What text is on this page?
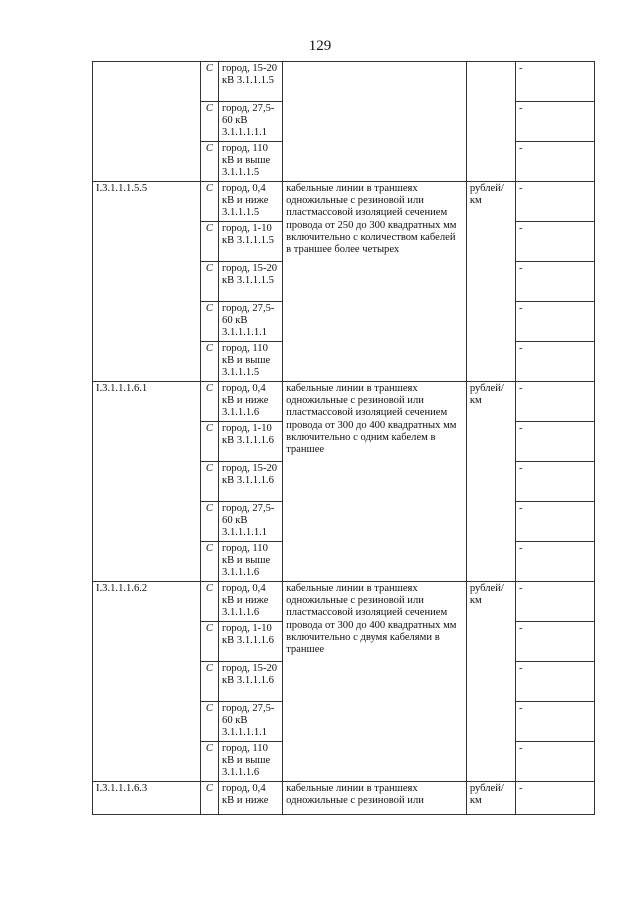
129
	С	город, 15-20 кВ 3.1.1.1.5			-
	С	город, 27,5-60 кВ 3.1.1.1.1.1			-
	С	город, 110 кВ и выше 3.1.1.1.5			-
I.3.1.1.1.5.5	С	город, 0,4 кВ и ниже 3.1.1.1.5	кабельные линии в траншеях одножильные с резиновой или пластмассовой изоляцией сечением провода от 250 до 300 квадратных мм включительно с количеством кабелей в траншее более четырех	рублей/км	-
	С	город, 1-10 кВ 3.1.1.1.5			-
	С	город, 15-20 кВ 3.1.1.1.5			-
	С	город, 27,5-60 кВ 3.1.1.1.1.1			-
	С	город, 110 кВ и выше 3.1.1.1.5			-
I.3.1.1.1.6.1	С	город, 0,4 кВ и ниже 3.1.1.1.6	кабельные линии в траншеях одножильные с резиновой или пластмассовой изоляцией сечением провода от 300 до 400 квадратных мм включительно с одним кабелем в траншее	рублей/км	-
	С	город, 1-10 кВ 3.1.1.1.6			-
	С	город, 15-20 кВ 3.1.1.1.6			-
	С	город, 27,5-60 кВ 3.1.1.1.1.1			-
	С	город, 110 кВ и выше 3.1.1.1.6			-
I.3.1.1.1.6.2	С	город, 0,4 кВ и ниже 3.1.1.1.6	кабельные линии в траншеях одножильные с резиновой или пластмассовой изоляцией сечением провода от 300 до 400 квадратных мм включительно с двумя кабелями в траншее	рублей/км	-
	С	город, 1-10 кВ 3.1.1.1.6			-
	С	город, 15-20 кВ 3.1.1.1.6			-
	С	город, 27,5-60 кВ 3.1.1.1.1.1			-
	С	город, 110 кВ и выше 3.1.1.1.6			-
I.3.1.1.1.6.3	С	город, 0,4 кВ и ниже	кабельные линии в траншеях одножильные с резиновой или	рублей/км	-
